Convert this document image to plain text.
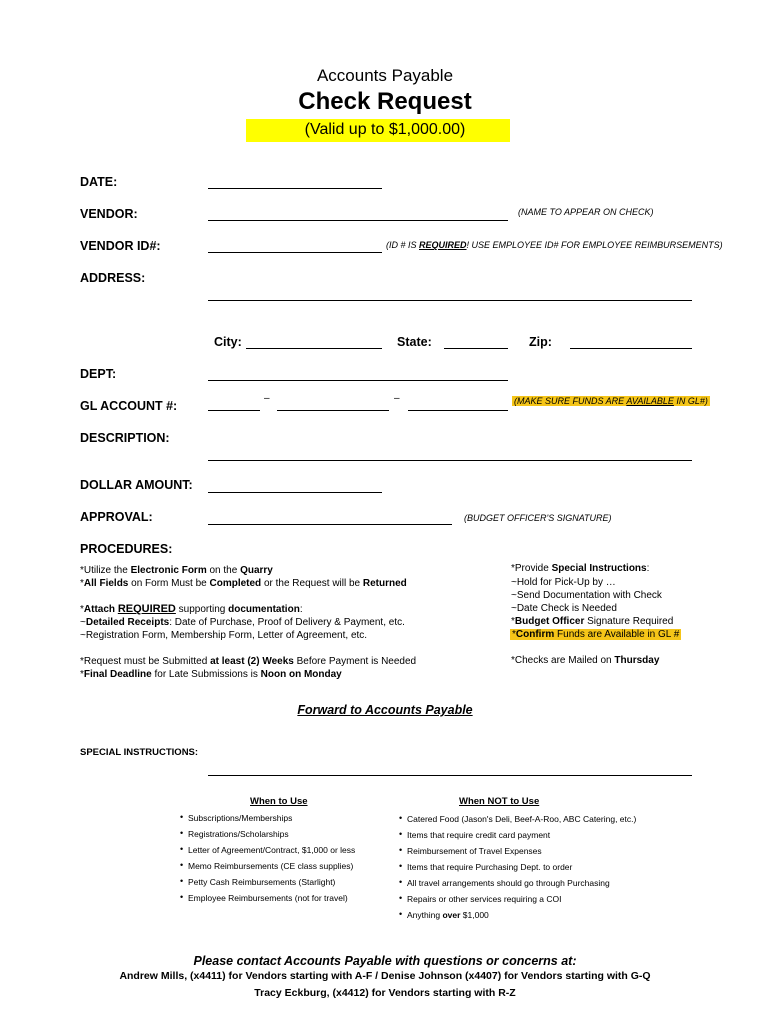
Accounts Payable
Check Request
(Valid up to $1,000.00)
DATE:
VENDOR:	(NAME TO APPEAR ON CHECK)
VENDOR ID#:	(ID # IS REQUIRED! USE EMPLOYEE ID# FOR EMPLOYEE REIMBURSEMENTS)
ADDRESS:
City:	State:	Zip:
DEPT:
GL ACCOUNT #:
–	–	(MAKE SURE FUNDS ARE AVAILABLE IN GL#)
DESCRIPTION:
DOLLAR AMOUNT:
APPROVAL:	(BUDGET OFFICER'S SIGNATURE)
PROCEDURES:
*Utilize the Electronic Form on the Quarry
*All Fields on Form Must be Completed or the Request will be Returned
*Attach REQUIRED supporting documentation:
~Detailed Receipts: Date of Purchase, Proof of Delivery & Payment, etc.
~Registration Form, Membership Form, Letter of Agreement, etc.
*Request must be Submitted at least (2) Weeks Before Payment is Needed
*Final Deadline for Late Submissions is Noon on Monday
*Provide Special Instructions:
~Hold for Pick-Up by …
~Send Documentation with Check
~Date Check is Needed
*Budget Officer Signature Required
*Confirm Funds are Available in GL #
*Checks are Mailed on Thursday
Forward to Accounts Payable
SPECIAL INSTRUCTIONS:
When to Use
• Subscriptions/Memberships
• Registrations/Scholarships
• Letter of Agreement/Contract, $1,000 or less
• Memo Reimbursements (CE class supplies)
• Petty Cash Reimbursements (Starlight)
• Employee Reimbursements (not for travel)
When NOT to Use
• Catered Food (Jason's Deli, Beef-A-Roo, ABC Catering, etc.)
• Items that require credit card payment
• Reimbursement of Travel Expenses
• Items that require Purchasing Dept. to order
• All travel arrangements should go through Purchasing
• Repairs or other services requiring a COI
• Anything over $1,000
Please contact Accounts Payable with questions or concerns at:
Andrew Mills, (x4411) for Vendors starting with A-F / Denise Johnson (x4407) for Vendors starting with G-Q
Tracy Eckburg, (x4412) for Vendors starting with R-Z
